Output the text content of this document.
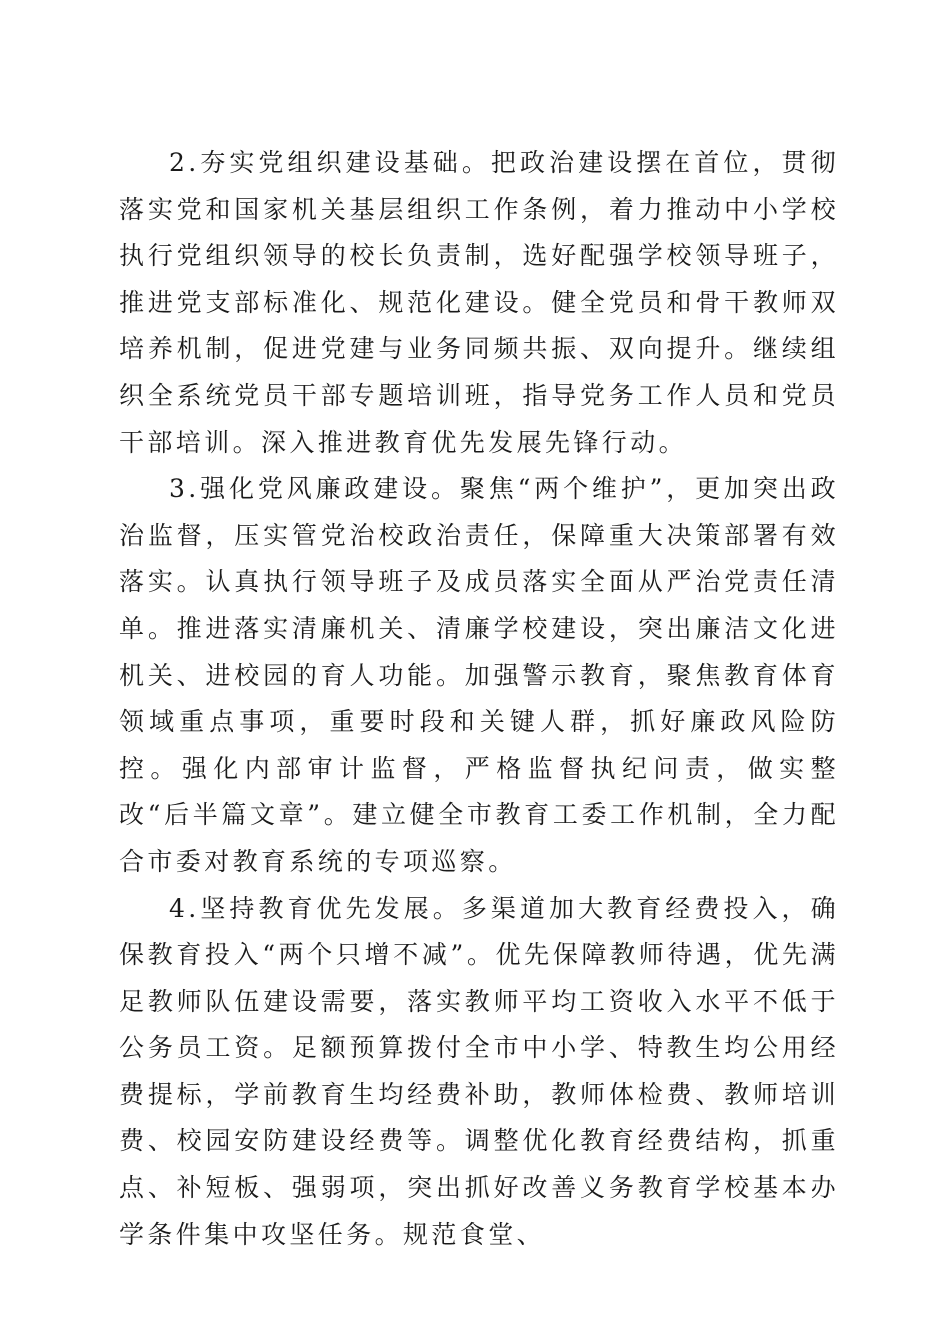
2.夯实党组织建设基础。把政治建设摆在首位，贯彻落实党和国家机关基层组织工作条例，着力推动中小学校执行党组织领导的校长负责制，选好配强学校领导班子，推进党支部标准化、规范化建设。健全党员和骨干教师双培养机制，促进党建与业务同频共振、双向提升。继续组织全系统党员干部专题培训班，指导党务工作人员和党员干部培训。深入推进教育优先发展先锋行动。

3.强化党风廉政建设。聚焦“两个维护”，更加突出政治监督，压实管党治校政治责任，保障重大决策部署有效落实。认真执行领导班子及成员落实全面从严治党责任清单。推进落实清廉机关、清廉学校建设，突出廉洁文化进机关、进校园的育人功能。加强警示教育，聚焦教育体育领域重点事项，重要时段和关键人群，抓好廉政风险防控。强化内部审计监督，严格监督执纪问责，做实整改“后半篇文章”。建立健全市教育工委工作机制，全力配合市委对教育系统的专项巡察。

4.坚持教育优先发展。多渠道加大教育经费投入，确保教育投入“两个只增不减”。优先保障教师待遇，优先满足教师队伍建设需要，落实教师平均工资收入水平不低于公务员工资。足额预算拨付全市中小学、特教生均公用经费提标，学前教育生均经费补助，教师体检费、教师培训费、校园安防建设经费等。调整优化教育经费结构，抓重点、补短板、强弱项，突出抓好改善义务教育学校基本办学条件集中攻坚任务。规范食堂、
